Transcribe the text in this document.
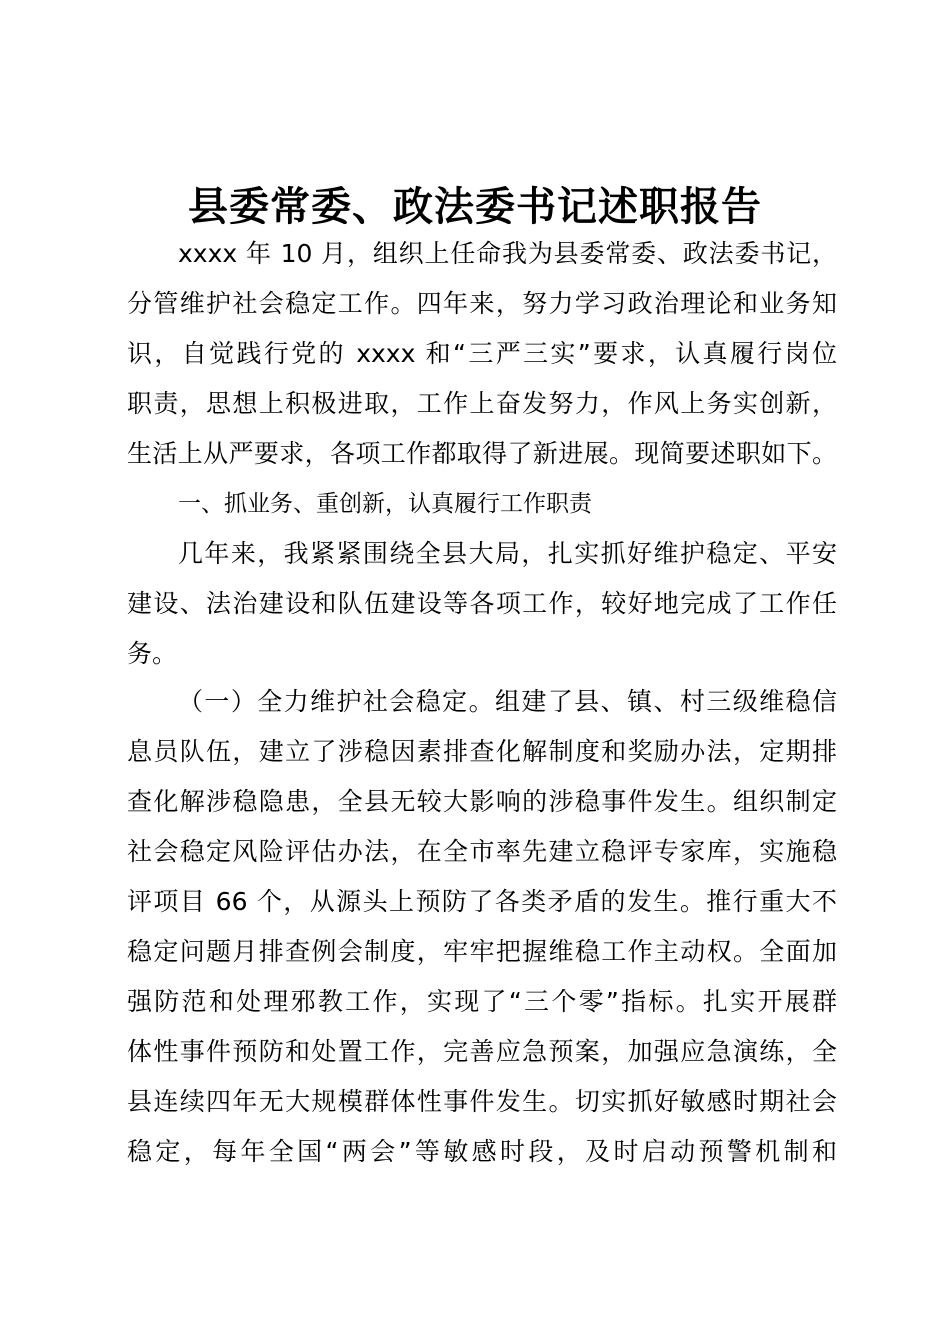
县委常委、政法委书记述职报告
xxxx 年 10 月，组织上任命我为县委常委、政法委书记，
分管维护社会稳定工作。四年来，努力学习政治理论和业务知
识，自觉践行党的 xxxx 和“三严三实”要求，认真履行岗位
职责，思想上积极进取，工作上奋发努力，作风上务实创新，
生活上从严要求，各项工作都取得了新进展。现简要述职如下。
一、抓业务、重创新，认真履行工作职责
几年来，我紧紧围绕全县大局，扎实抓好维护稳定、平安
建设、法治建设和队伍建设等各项工作，较好地完成了工作任
务。
（一）全力维护社会稳定。组建了县、镇、村三级维稳信
息员队伍，建立了涉稳因素排查化解制度和奖励办法，定期排
查化解涉稳隐患，全县无较大影响的涉稳事件发生。组织制定
社会稳定风险评估办法，在全市率先建立稳评专家库，实施稳
评项目 66 个，从源头上预防了各类矛盾的发生。推行重大不
稳定问题月排查例会制度，牢牢把握维稳工作主动权。全面加
强防范和处理邪教工作，实现了“三个零”指标。扎实开展群
体性事件预防和处置工作，完善应急预案，加强应急演练，全
县连续四年无大规模群体性事件发生。切实抓好敏感时期社会
稳定，每年全国“两会”等敏感时段，及时启动预警机制和
